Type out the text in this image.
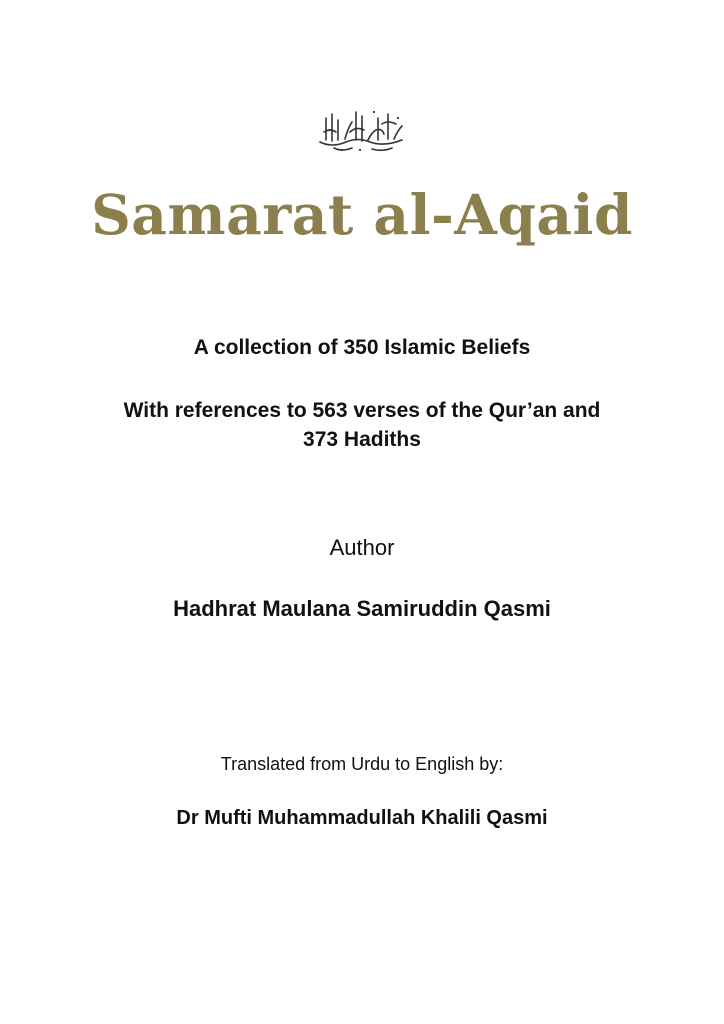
Samarat al-Aqaid
A collection of 350 Islamic Beliefs
With references to 563 verses of the Qur’an and
373 Hadiths
Author
Hadhrat Maulana Samiruddin Qasmi
Translated from Urdu to English by:
Dr Mufti Muhammadullah Khalili Qasmi
